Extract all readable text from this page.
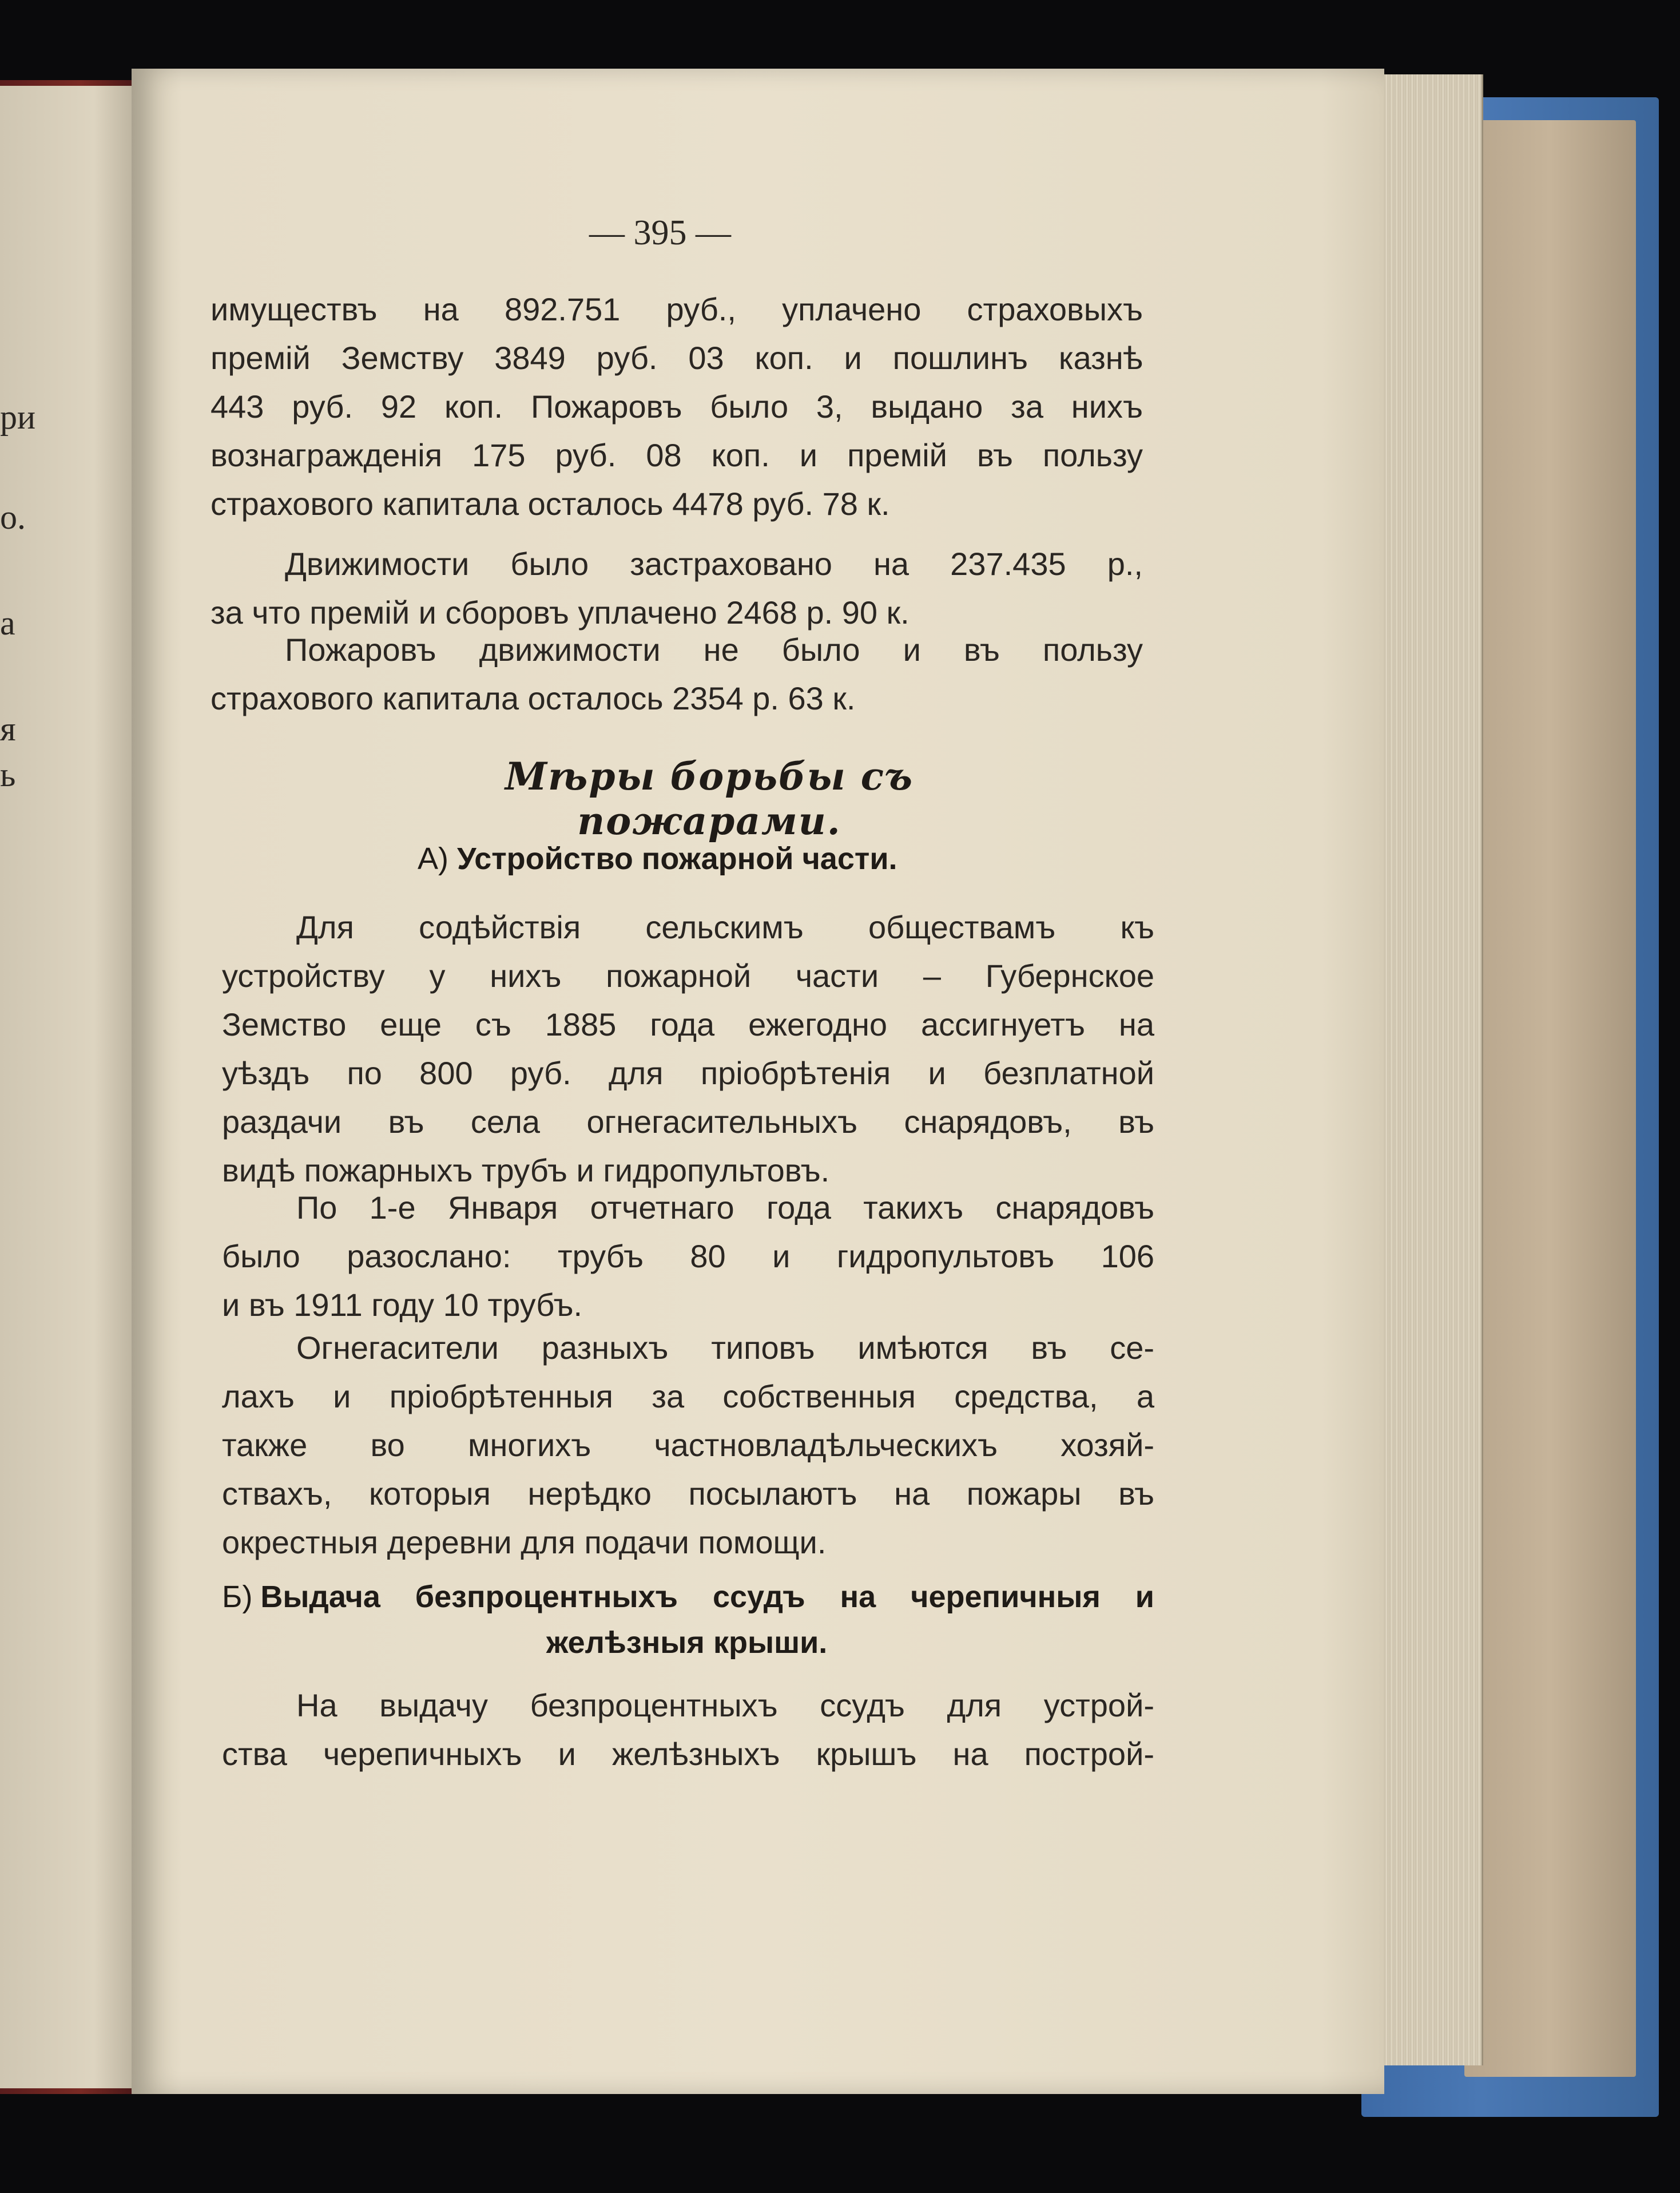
ри
о.
а
я
ь
— 395 —
имуществъ на 892.751 руб., уплачено страховыхъ
премій Земству 3849 руб. 03 коп. и пошлинъ казнѣ
443 руб. 92 коп. Пожаровъ было 3, выдано за нихъ
вознагражденія 175 руб. 08 коп. и премій въ пользу
страхового капитала осталось 4478 руб. 78 к.
Движимости было застраховано на 237.435 р.,
за что премій и сборовъ уплачено 2468 р. 90 к.
Пожаровъ движимости не было и въ пользу
страхового капитала осталось 2354 р. 63 к.
Мѣры борьбы съ пожарами.
А) Устройство пожарной части.
Для содѣйствія сельскимъ обществамъ къ
устройству у нихъ пожарной части – Губернское
Земство еще съ 1885 года ежегодно ассигнуетъ на
уѣздъ по 800 руб. для пріобрѣтенія и безплатной
раздачи въ села огнегасительныхъ снарядовъ, въ
видѣ пожарныхъ трубъ и гидропультовъ.
По 1-е Января отчетнаго года такихъ снарядовъ
было разослано: трубъ 80 и гидропультовъ 106
и въ 1911 году 10 трубъ.
Огнегасители разныхъ типовъ имѣются въ се-
лахъ и пріобрѣтенныя за собственныя средства, а
также во многихъ частновладѣльческихъ хозяй-
ствахъ, которыя нерѣдко посылаютъ на пожары въ
окрестныя деревни для подачи помощи.
Б) Выдача безпроцентныхъ ссудъ на черепичныя и
желѣзныя крыши.
На выдачу безпроцентныхъ ссудъ для устрой-
ства черепичныхъ и желѣзныхъ крышъ на построй-
